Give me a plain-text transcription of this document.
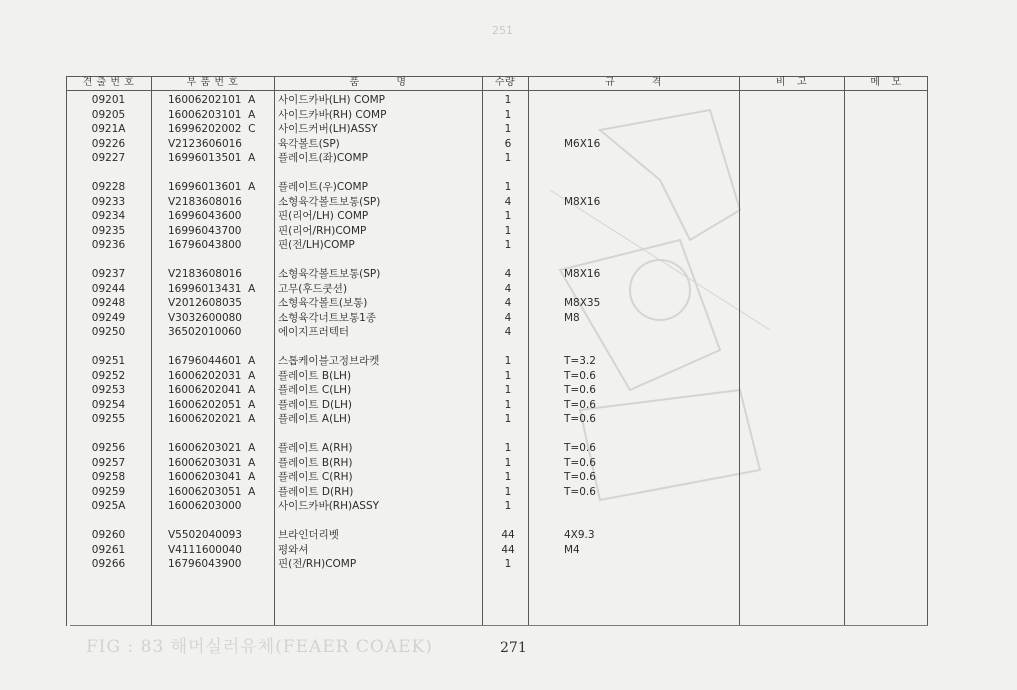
251
견 출 번 호	부 품 번 호	품          명	수량	규          격	비   고	메   모
09201	16006202101  A	사이드카바(LH) COMP	1
09205	16006203101  A	사이드카바(RH) COMP	1
0921A	16996202002  C	사이드커버(LH)ASSY	1
09226	V2123606016	육각볼트(SP)	6	M6X16
09227	16996013501  A	플레이트(좌)COMP	1
09228	16996013601  A	플레이트(우)COMP	1
09233	V2183608016	소형육각볼트보통(SP)	4	M8X16
09234	16996043600	핀(리어/LH) COMP	1
09235	16996043700	핀(리어/RH)COMP	1
09236	16796043800	핀(전/LH)COMP	1
09237	V2183608016	소형육각볼트보통(SP)	4	M8X16
09244	16996013431  A	고무(후드쿳션)	4
09248	V2012608035	소형육각볼트(보통)	4	M8X35
09249	V3032600080	소형육각너트보통1종	4	M8
09250	36502010060	에이지프러텍터	4
09251	16796044601  A	스톱케이블고정브라켓	1	T=3.2
09252	16006202031  A	플레이트 B(LH)	1	T=0.6
09253	16006202041  A	플레이트 C(LH)	1	T=0.6
09254	16006202051  A	플레이트 D(LH)	1	T=0.6
09255	16006202021  A	플레이트 A(LH)	1	T=0.6
09256	16006203021  A	플레이트 A(RH)	1	T=0.6
09257	16006203031  A	플레이트 B(RH)	1	T=0.6
09258	16006203041  A	플레이트 C(RH)	1	T=0.6
09259	16006203051  A	플레이트 D(RH)	1	T=0.6
0925A	16006203000	사이드카바(RH)ASSY	1
09260	V5502040093	브라인더리벳	44	4X9.3
09261	V4111600040	평와셔	44	M4
09266	16796043900	핀(전/RH)COMP	1
FIG : 83 해머실러유체(FEAER COAEK)	271
